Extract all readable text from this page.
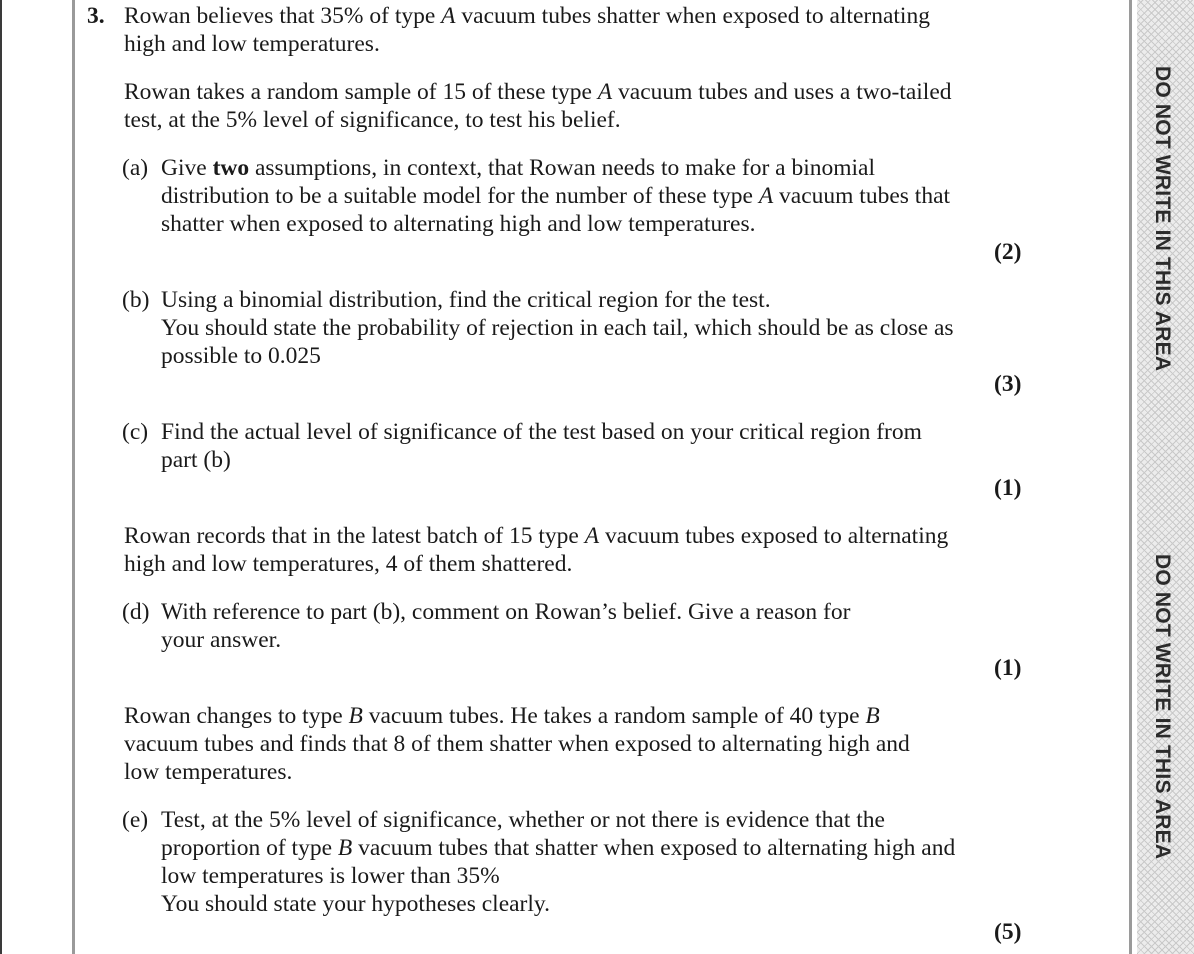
DO NOT WRITE IN THIS AREA
DO NOT WRITE IN THIS AREA
3. Rowan believes that 35% of type A vacuum tubes shatter when exposed to alternating
high and low temperatures.
Rowan takes a random sample of 15 of these type A vacuum tubes and uses a two-tailed
test, at the 5% level of significance, to test his belief.
(a) Give two assumptions, in context, that Rowan needs to make for a binomial
distribution to be a suitable model for the number of these type A vacuum tubes that
shatter when exposed to alternating high and low temperatures.
(2)
(b) Using a binomial distribution, find the critical region for the test.
You should state the probability of rejection in each tail, which should be as close as
possible to 0.025
(3)
(c) Find the actual level of significance of the test based on your critical region from
part (b)
(1)
Rowan records that in the latest batch of 15 type A vacuum tubes exposed to alternating
high and low temperatures, 4 of them shattered.
(d) With reference to part (b), comment on Rowan’s belief. Give a reason for
your answer.
(1)
Rowan changes to type B vacuum tubes. He takes a random sample of 40 type B
vacuum tubes and finds that 8 of them shatter when exposed to alternating high and
low temperatures.
(e) Test, at the 5% level of significance, whether or not there is evidence that the
proportion of type B vacuum tubes that shatter when exposed to alternating high and
low temperatures is lower than 35%
You should state your hypotheses clearly.
(5)
